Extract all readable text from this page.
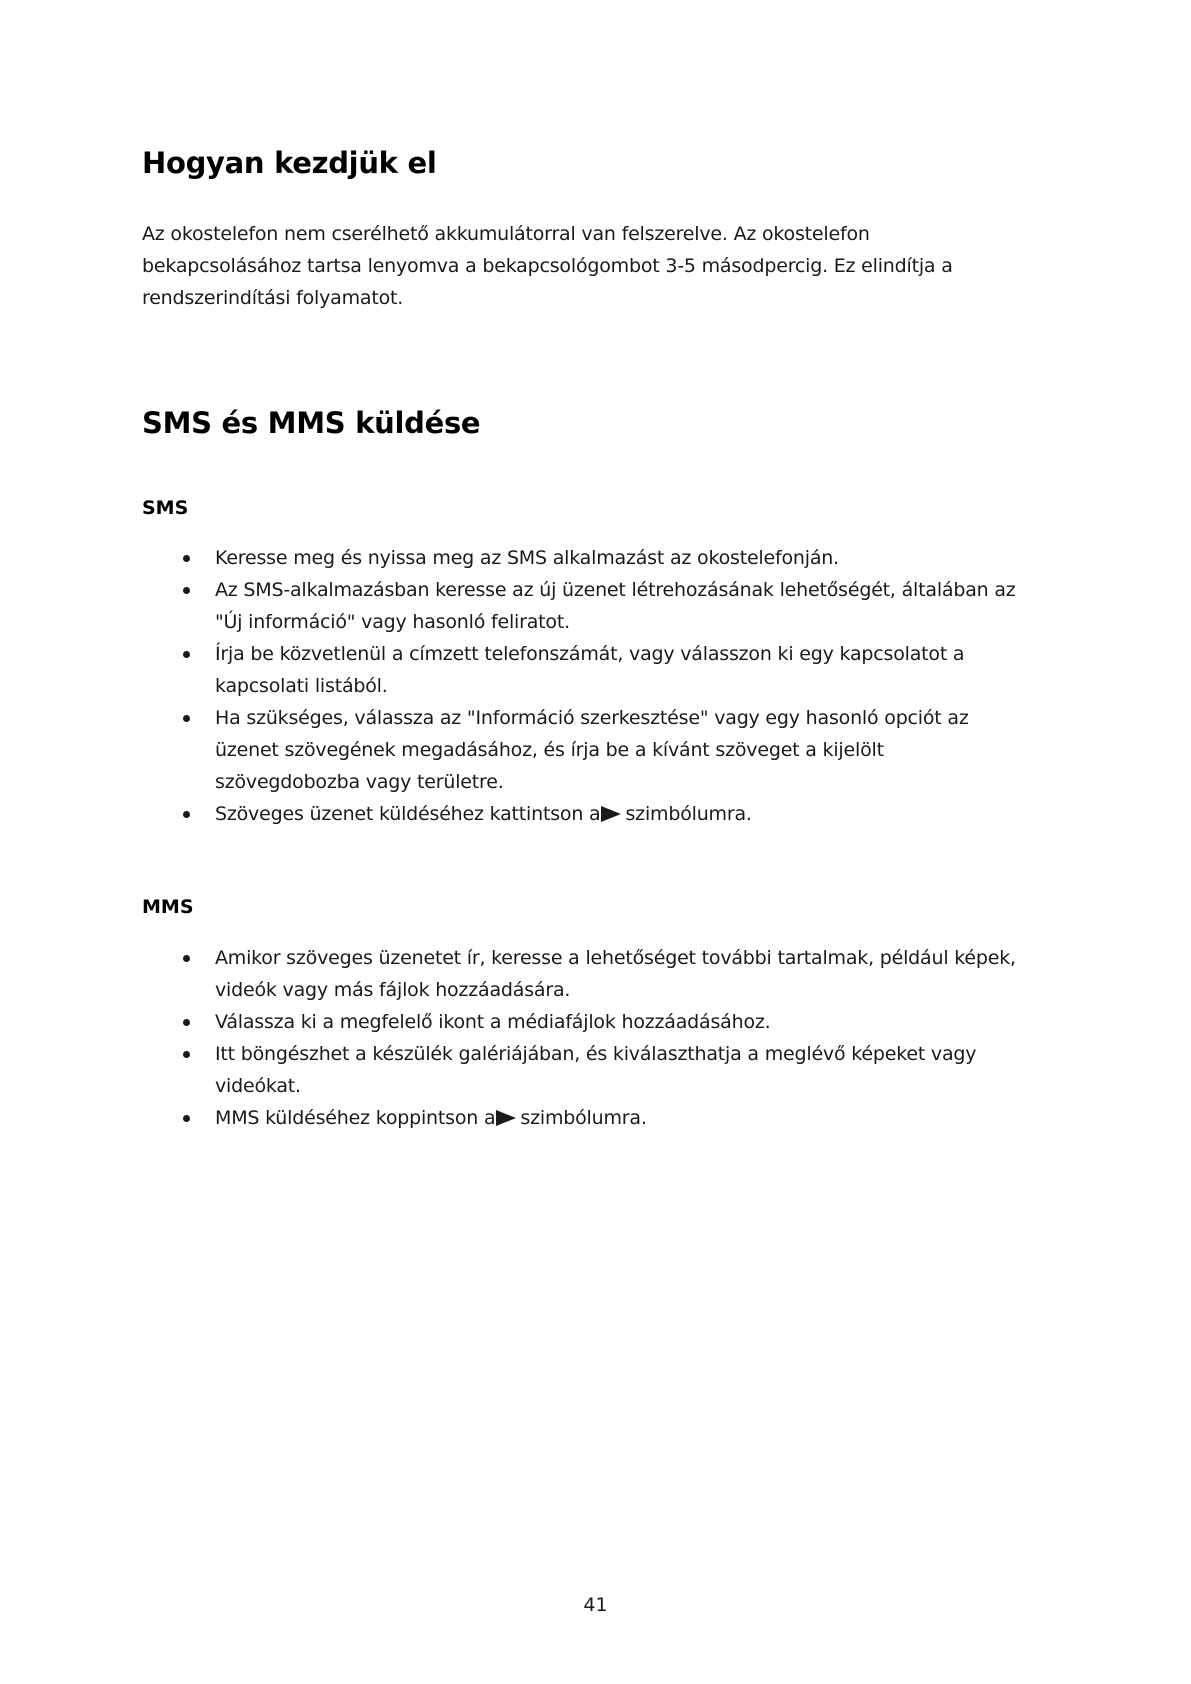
Hogyan kezdjük el
Az okostelefon nem cserélhető akkumulátorral van felszerelve. Az okostelefon
bekapcsolásához tartsa lenyomva a bekapcsológombot 3-5 másodpercig. Ez elindítja a
rendszerindítási folyamatot.
SMS és MMS küldése
SMS
Keresse meg és nyissa meg az SMS alkalmazást az okostelefonján.
Az SMS-alkalmazásban keresse az új üzenet létrehozásának lehetőségét, általában az
"Új információ" vagy hasonló feliratot.
Írja be közvetlenül a címzett telefonszámát, vagy válasszon ki egy kapcsolatot a
kapcsolati listából.
Ha szükséges, válassza az "Információ szerkesztése" vagy egy hasonló opciót az
üzenet szövegének megadásához, és írja be a kívánt szöveget a kijelölt
szövegdobozba vagy területre.
Szöveges üzenet küldéséhez kattintson a szimbólumra.
MMS
Amikor szöveges üzenetet ír, keresse a lehetőséget további tartalmak, például képek,
videók vagy más fájlok hozzáadására.
Válassza ki a megfelelő ikont a médiafájlok hozzáadásához.
Itt böngészhet a készülék galériájában, és kiválaszthatja a meglévő képeket vagy
videókat.
MMS küldéséhez koppintson a szimbólumra.
41
